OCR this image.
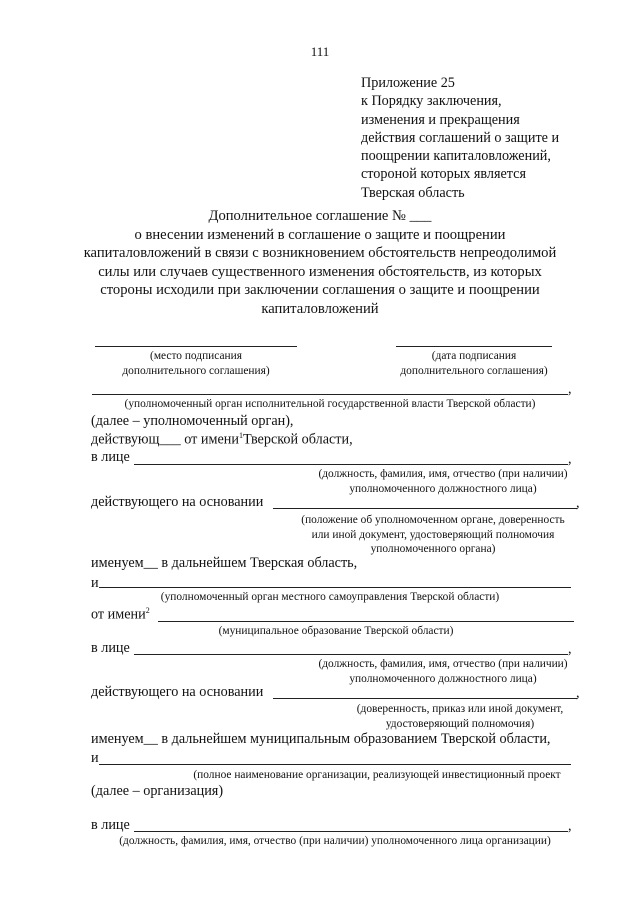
111
Приложение 25
к Порядку заключения,
изменения и прекращения
действия соглашений о защите и
поощрении капиталовложений,
стороной которых является
Тверская область
Дополнительное соглашение № ___
о внесении изменений в соглашение о защите и поощрении
капиталовложений в связи с возникновением обстоятельств непреодолимой
силы или случаев существенного изменения обстоятельств, из которых
стороны исходили при заключении соглашения о защите и поощрении
капиталовложений
(место подписания
дополнительного соглашения)
(дата подписания
дополнительного соглашения)
,
(уполномоченный орган исполнительной государственной власти Тверской области)
(далее – уполномоченный орган),
действующ___ от имени$^1$Тверской области,
в лице	,
(должность, фамилия, имя, отчество (при наличии)
уполномоченного должностного лица)
действующего на основании	,
(положение об уполномоченном органе, доверенность
или иной документ, удостоверяющий полномочия
уполномоченного органа)
именуем__ в дальнейшем Тверская область,
и
(уполномоченный орган местного самоуправления Тверской области)
от имени$^2$
(муниципальное образование Тверской области)
в лице	,
(должность, фамилия, имя, отчество (при наличии)
уполномоченного должностного лица)
действующего на основании	,
(доверенность, приказ или иной документ,
удостоверяющий полномочия)
именуем__ в дальнейшем муниципальным образованием Тверской области,
и
(полное наименование организации, реализующей инвестиционный проект
(далее – организация)
в лице	,
(должность, фамилия, имя, отчество (при наличии) уполномоченного лица организации)
